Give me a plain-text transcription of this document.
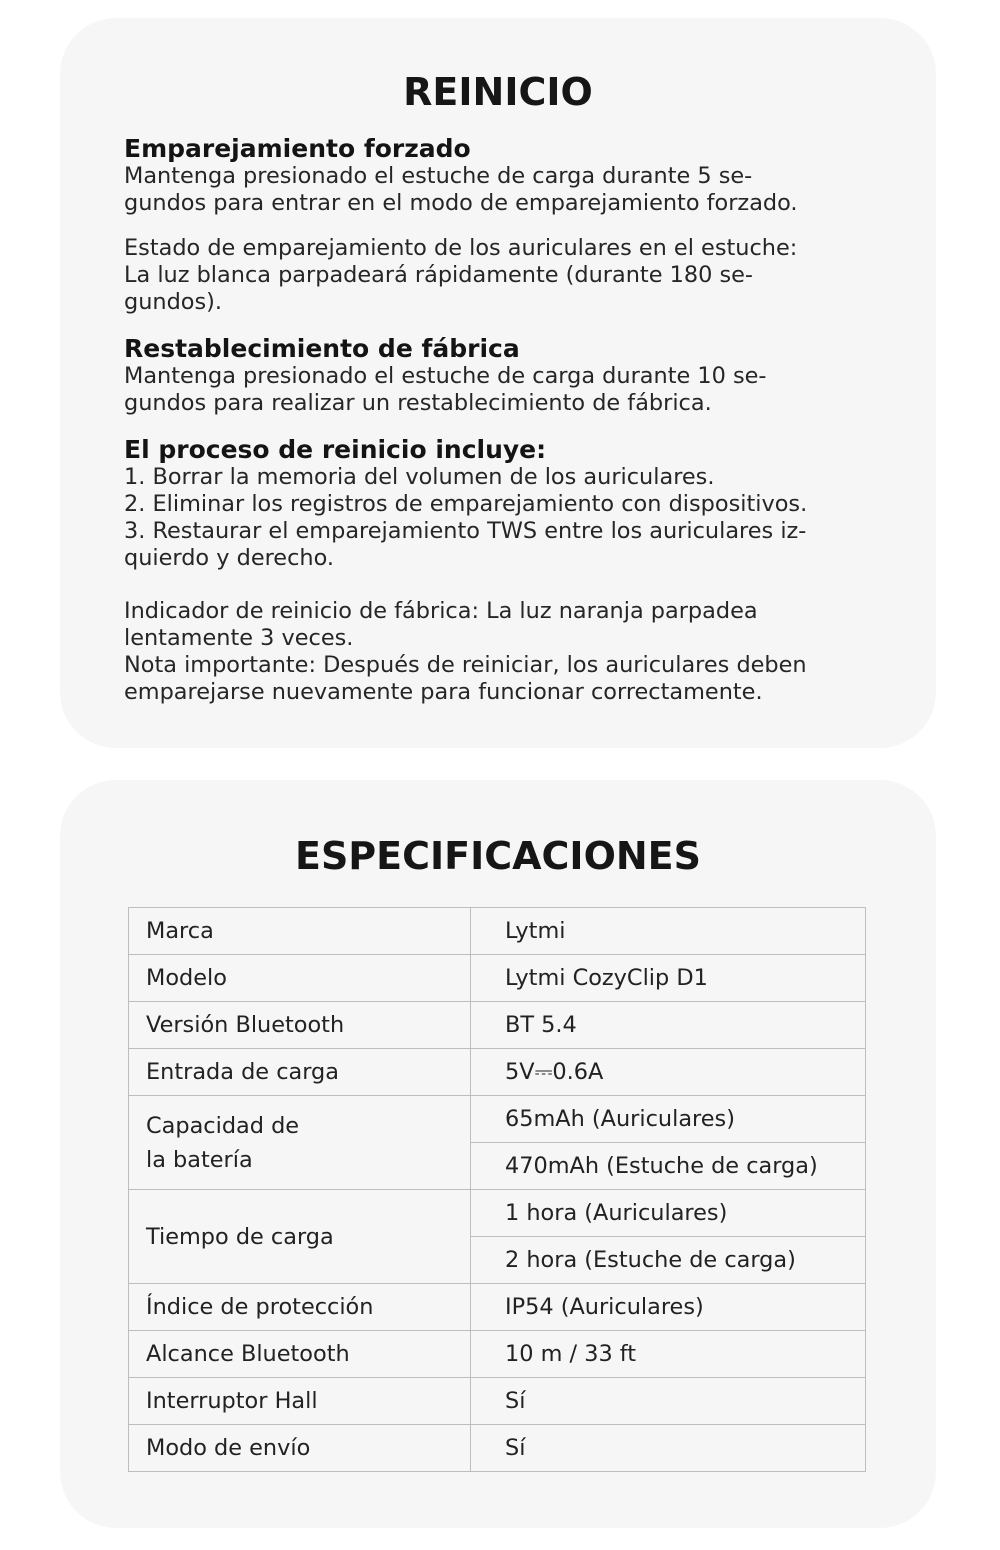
REINICIO

Emparejamiento forzado

Mantenga presionado el estuche de carga durante 5 se-

gundos para entrar en el modo de emparejamiento forzado.

Estado de emparejamiento de los auriculares en el estuche:

La luz blanca parpadeará rápidamente (durante 180 se-

gundos).

Restablecimiento de fábrica

Mantenga presionado el estuche de carga durante 10 se-

gundos para realizar un restablecimiento de fábrica.

El proceso de reinicio incluye:

1. Borrar la memoria del volumen de los auriculares.

2. Eliminar los registros de emparejamiento con dispositivos.

3. Restaurar el emparejamiento TWS entre los auriculares iz-

quierdo y derecho.

Indicador de reinicio de fábrica: La luz naranja parpadea

lentamente 3 veces.

Nota importante: Después de reiniciar, los auriculares deben

emparejarse nuevamente para funcionar correctamente.

ESPECIFICACIONES
Marca	Lytmi
Modelo	Lytmi CozyClip D1
Versión Bluetooth	BT 5.4
Entrada de carga	5V⎓0.6A
Capacidad de
la batería	65mAh (Auriculares)
	470mAh (Estuche de carga)
Tiempo de carga	1 hora (Auriculares)
	2 hora (Estuche de carga)
Índice de protección	IP54 (Auriculares)
Alcance Bluetooth	10 m / 33 ft
Interruptor Hall	Sí
Modo de envío	Sí
